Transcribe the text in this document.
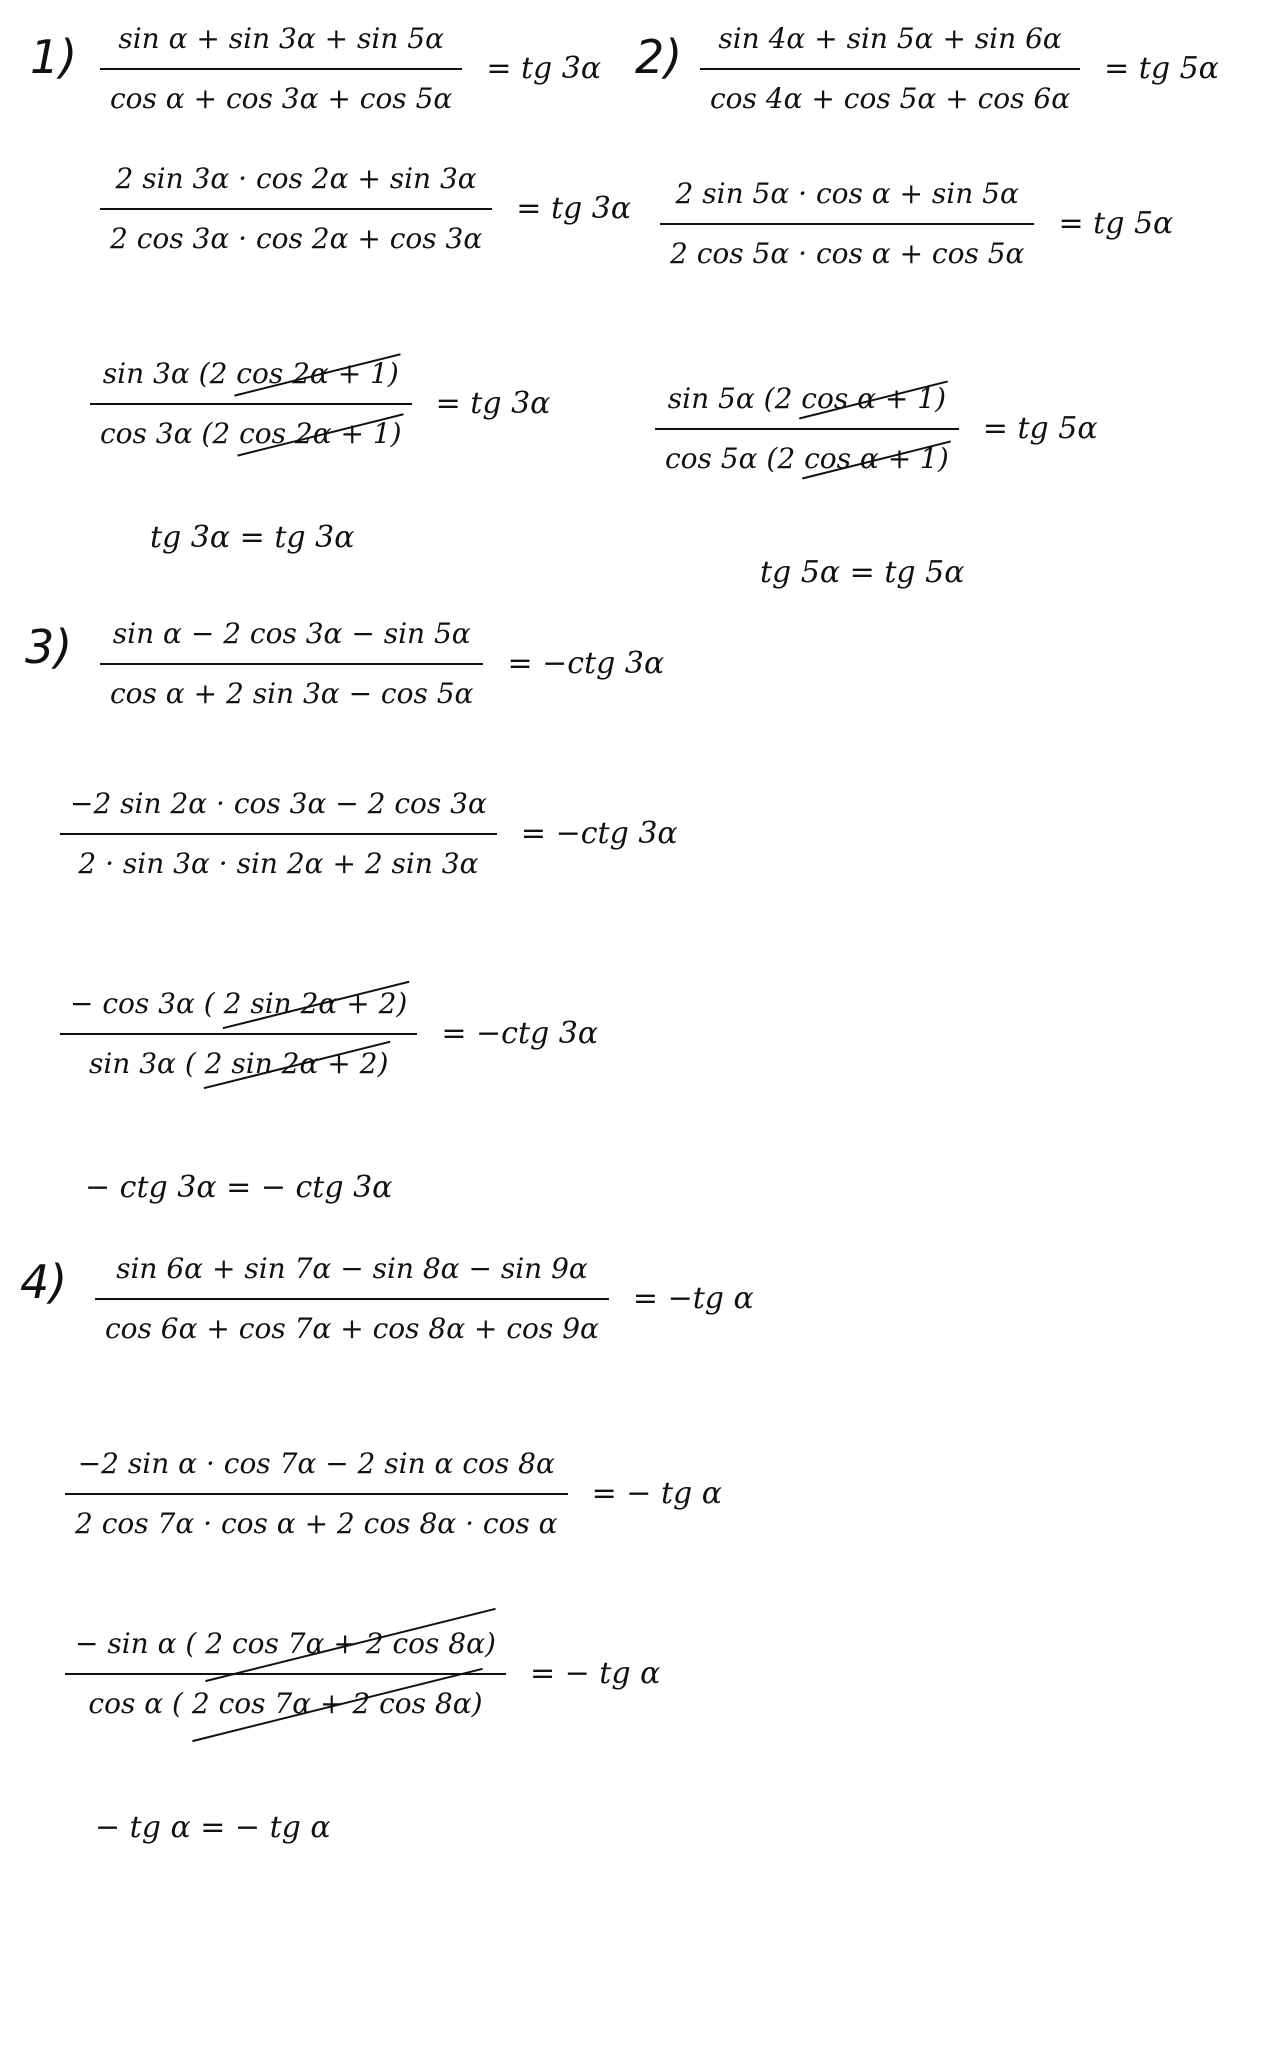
$1) \frac{\text{sin α + sin 3α + sin 5α}}{\text{cos α + cos 3α + cos 5α}}$ = tg 3α
$\frac{2 \sin 3\alpha \cdot \cos 2\alpha + \sin 3\alpha}{2 \cos 3\alpha \cdot \cos 2\alpha + \cos 3\alpha}$ = tg 3α
$\frac{\sin 3\alpha (2 \cos 2\alpha + 1)}{\cos 3\alpha (2 \cos 2\alpha + 1)}$ = tg 3α
tg 3α = tg 3α
$2) \frac{\sin 4\alpha + \sin 5\alpha + \sin 6\alpha}{\cos 4\alpha + \cos 5\alpha + \cos 6\alpha}$ = tg 5α
$\frac{\text{2 sin 5α · cos α + sin 5α}}{\text{2 cos 5α · cos α + cos 5α}}$ = tg 5α
$\frac{\text{sin 5α (2 cos α + 1)}}{\text{cos 5α (2 cos α + 1)}}$ = tg 5α
tg 5α = tg 5α
$3) \frac{\text{sin α − 2 cos 3α − sin 5α}}{\text{cos α + 2 sin 3α − cos 5α}} = -ctg$ 3α
$\frac{-2 \sin 2\alpha \cdot \cos 3\alpha - 2 \cos 3\alpha}{2 \cdot \sin 3\alpha \cdot \sin 2\alpha + 2 \sin 3\alpha} = -ctg$ 3α
$\frac{- \cos 3\alpha ( 2 \sin 2\alpha + 2)}{\sin 3\alpha ( 2 \sin 2\alpha + 2)} = -ctg$ 3α
− ctg 3α = − ctg 3α
$4) \frac{\sin 6\alpha + \sin 7\alpha - \sin 8\alpha - \sin 9\alpha}{\cos 6\alpha + \cos 7\alpha + \cos 8\alpha + \cos 9\alpha} = -tg$ α
$\frac{\text{−2 sin α · cos 7α − 2 sin α cos 8α}}{\text{2 cos 7α · cos α + 2 cos 8α · cos α}}$ = − tg α
$\frac{\text{− sin α ( 2 cos 7α + 2 cos 8α)}}{\text{cos α ( 2 cos 7α + 2 cos 8α)}}$ = − tg α
− tg α = − tg α
